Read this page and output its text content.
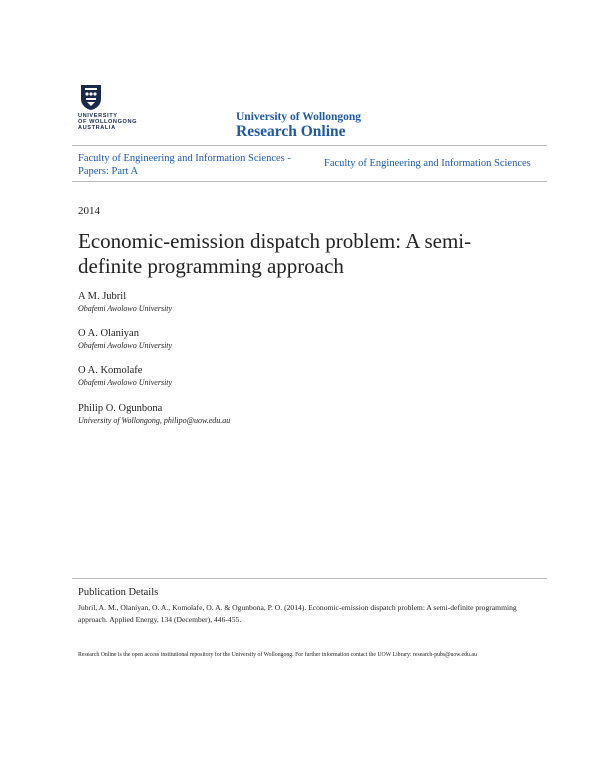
UNIVERSITY
OF WOLLONGONG
AUSTRALIA
University of Wollongong
Research Online
Faculty of Engineering and Information Sciences - Papers: Part A
Faculty of Engineering and Information Sciences
2014
Economic-emission dispatch problem: A semi-definite programming approach
A M. Jubril
Obafemi Awolowo University
O A. Olaniyan
Obafemi Awolowo University
O A. Komolafe
Obafemi Awolowo University
Philip O. Ogunbona
University of Wollongong, philipo@uow.edu.au
Publication Details
Jubril, A. M., Olaniyan, O. A., Komolafe, O. A. & Ogunbona, P. O. (2014). Economic-emission dispatch problem: A semi-definite programming approach. Applied Energy, 134 (December), 446-455.
Research Online is the open access institutional repository for the University of Wollongong. For further information contact the UOW Library: research-pubs@uow.edu.au
